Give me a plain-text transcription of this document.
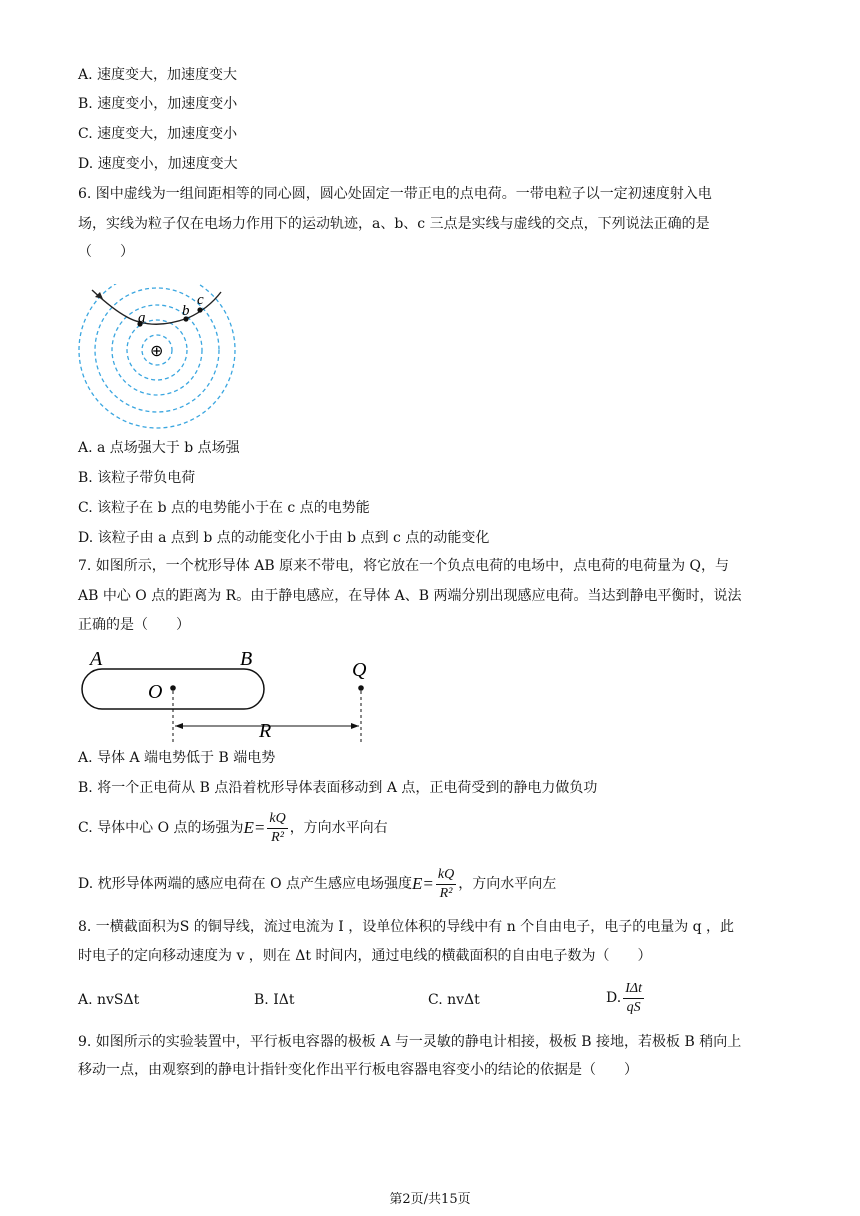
A. 速度变大，加速度变大
B. 速度变小，加速度变小
C. 速度变大，加速度变小
D. 速度变小，加速度变大
6. 图中虚线为一组间距相等的同心圆，圆心处固定一带正电的点电荷。一带电粒子以一定初速度射入电
场，实线为粒子仅在电场力作用下的运动轨迹，a、b、c 三点是实线与虚线的交点，下列说法正确的是
（　　）
a b
c
⊕
A. a 点场强大于 b 点场强
B. 该粒子带负电荷
C. 该粒子在 b 点的电势能小于在 c 点的电势能
D. 该粒子由 a 点到 b 点的动能变化小于由 b 点到 c 点的动能变化
7. 如图所示，一个枕形导体 AB 原来不带电，将它放在一个负点电荷的电场中，点电荷的电荷量为 Q，与
AB 中心 O 点的距离为 R。由于静电感应，在导体 A、B 两端分别出现感应电荷。当达到静电平衡时，说法
正确的是（　　）
A	B
O
Q
R
A. 导体 A 端电势低于 B 端电势
B. 将一个正电荷从 B 点沿着枕形导体表面移动到 A 点，正电荷受到的静电力做负功
C. 导体中心 O 点的场强为 $E= \frac{kQ}{\text{R²}}$ ，方向水平向右
D. 枕形导体两端的感应电荷在 O 点产生感应电场强度 $E= \frac{kQ}{\text{R²}}$ ，方向水平向左
8. 一横截面积为S 的铜导线，流过电流为 I ，设单位体积的导线中有 n 个自由电子，电子的电量为 q ，此
时电子的定向移动速度为 v ，则在 Δt 时间内，通过电线的横截面积的自由电子数为（　　）
A. nvSΔt	B. IΔt	C. nvΔt	D. $\frac{\text{IΔt}}{qS}$
9. 如图所示的实验装置中，平行板电容器的极板 A 与一灵敏的静电计相接，极板 B 接地，若极板 B 稍向上
移动一点，由观察到的静电计指针变化作出平行板电容器电容变小的结论的依据是（　　）
第2页/共15页
